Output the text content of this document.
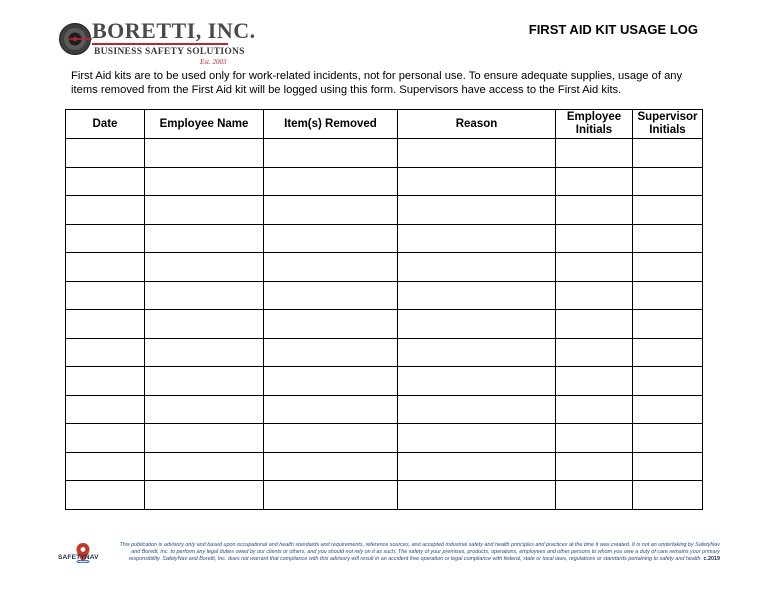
BORETTI, INC.
BUSINESS SAFETY SOLUTIONS
Est. 2003
FIRST AID KIT USAGE LOG
First Aid kits are to be used only for work-related incidents, not for personal use. To ensure adequate supplies, usage of any items removed from the First Aid kit will be logged using this form. Supervisors have access to the First Aid kits.
Date	Employee Name	Item(s) Removed	Reason	Employee Initials	Supervisor Initials

SAFETYNAV
This publication is advisory only and based upon occupational and health standards and requirements, reference sources, and accepted industrial safety and health principles and practices at the time it was created. It is not an undertaking by SafetyNav and Boretti, Inc. to perform any legal duties owed by our clients or others, and you should not rely on it as such. The safety of your premises, products, operations, employees and other persons to whom you owe a duty of care remains your primary responsibility. SafetyNav and Boretti, Inc. does not warrant that compliance with this advisory will result in an accident free operation or legal compliance with federal, state or local laws, regulations or standards pertaining to safety and health. c.2019
